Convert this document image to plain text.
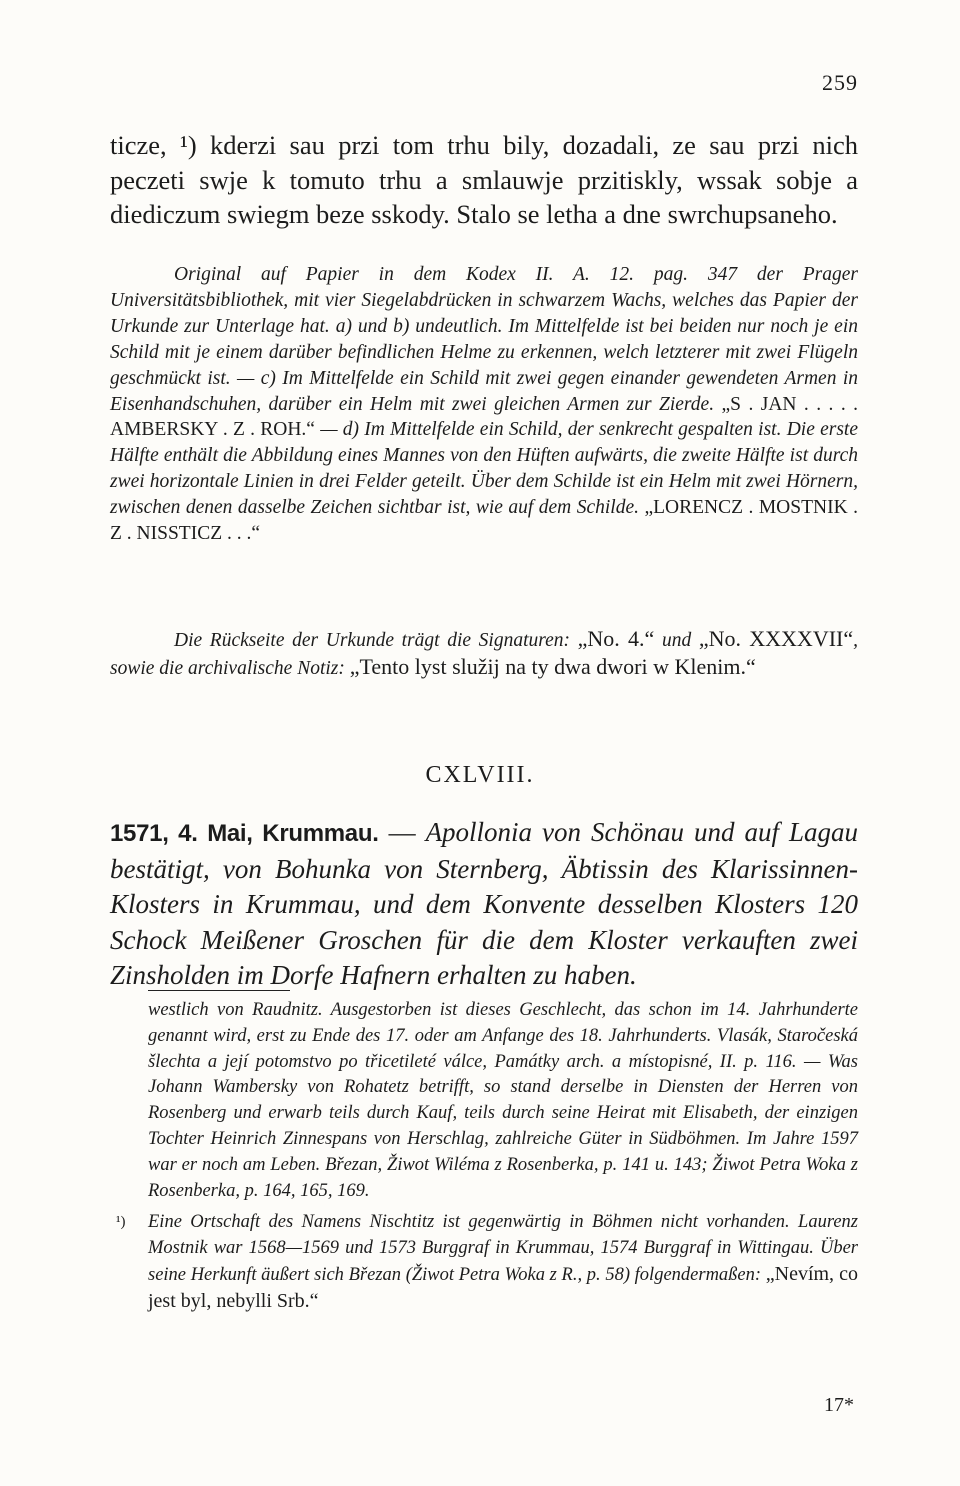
259

ticze, ¹) kderzi sau przi tom trhu bily, dozadali, ze sau przi nich peczeti swje k tomuto trhu a smlauwje przitiskly, wssak sobje a diediczum swiegm beze sskody. Stalo se letha a dne swrchupsaneho.

Original auf Papier in dem Kodex II. A. 12. pag. 347 der Prager Universitätsbibliothek, mit vier Siegelabdrücken in schwarzem Wachs, welches das Papier der Urkunde zur Unterlage hat. a) und b) undeutlich. Im Mittelfelde ist bei beiden nur noch je ein Schild mit je einem darüber befindlichen Helme zu erkennen, welch letzterer mit zwei Flügeln geschmückt ist. — c) Im Mittelfelde ein Schild mit zwei gegen einander gewendeten Armen in Eisenhandschuhen, darüber ein Helm mit zwei gleichen Armen zur Zierde. „S . JAN . . . . . AMBERSKY . Z . ROH.“ — d) Im Mittelfelde ein Schild, der senkrecht gespalten ist. Die erste Hälfte enthält die Abbildung eines Mannes von den Hüften aufwärts, die zweite Hälfte ist durch zwei horizontale Linien in drei Felder geteilt. Über dem Schilde ist ein Helm mit zwei Hörnern, zwischen denen dasselbe Zeichen sichtbar ist, wie auf dem Schilde. „LORENCZ . MOSTNIK . Z . NISSTICZ . . .“

Die Rückseite der Urkunde trägt die Signaturen: „No. 4.“ und „No. XXXXVII“, sowie die archivalische Notiz: „Tento lyst služij na ty dwa dwori w Klenim.“

CXLVIII.
1571, 4. Mai, Krummau. — Apollonia von Schönau und auf Lagau bestätigt, von Bohunka von Sternberg, Äbtissin des Klarissinnen-Klosters in Krummau, und dem Konvente desselben Klosters 120 Schock Meißener Groschen für die dem Kloster verkauften zwei Zinsholden im Dorfe Hafnern erhalten zu haben.

westlich von Raudnitz. Ausgestorben ist dieses Geschlecht, das schon im 14. Jahrhunderte genannt wird, erst zu Ende des 17. oder am Anfange des 18. Jahrhunderts. Vlasák, Staročeská šlechta a její potomstvo po třicetileté válce, Památky arch. a místopisné, II. p. 116. — Was Johann Wambersky von Rohatetz betrifft, so stand derselbe in Diensten der Herren von Rosenberg und erwarb teils durch Kauf, teils durch seine Heirat mit Elisabeth, der einzigen Tochter Heinrich Zinnespans von Herschlag, zahlreiche Güter in Südböhmen. Im Jahre 1597 war er noch am Leben. Březan, Žiwot Wiléma z Rosenberka, p. 141 u. 143; Žiwot Petra Woka z Rosenberka, p. 164, 165, 169.

¹) Eine Ortschaft des Namens Nischtitz ist gegenwärtig in Böhmen nicht vorhanden. Laurenz Mostnik war 1568—1569 und 1573 Burggraf in Krummau, 1574 Burggraf in Wittingau. Über seine Herkunft äußert sich Březan (Žiwot Petra Woka z R., p. 58) folgendermaßen: „Nevím, co jest byl, nebylli Srb.“

17*
